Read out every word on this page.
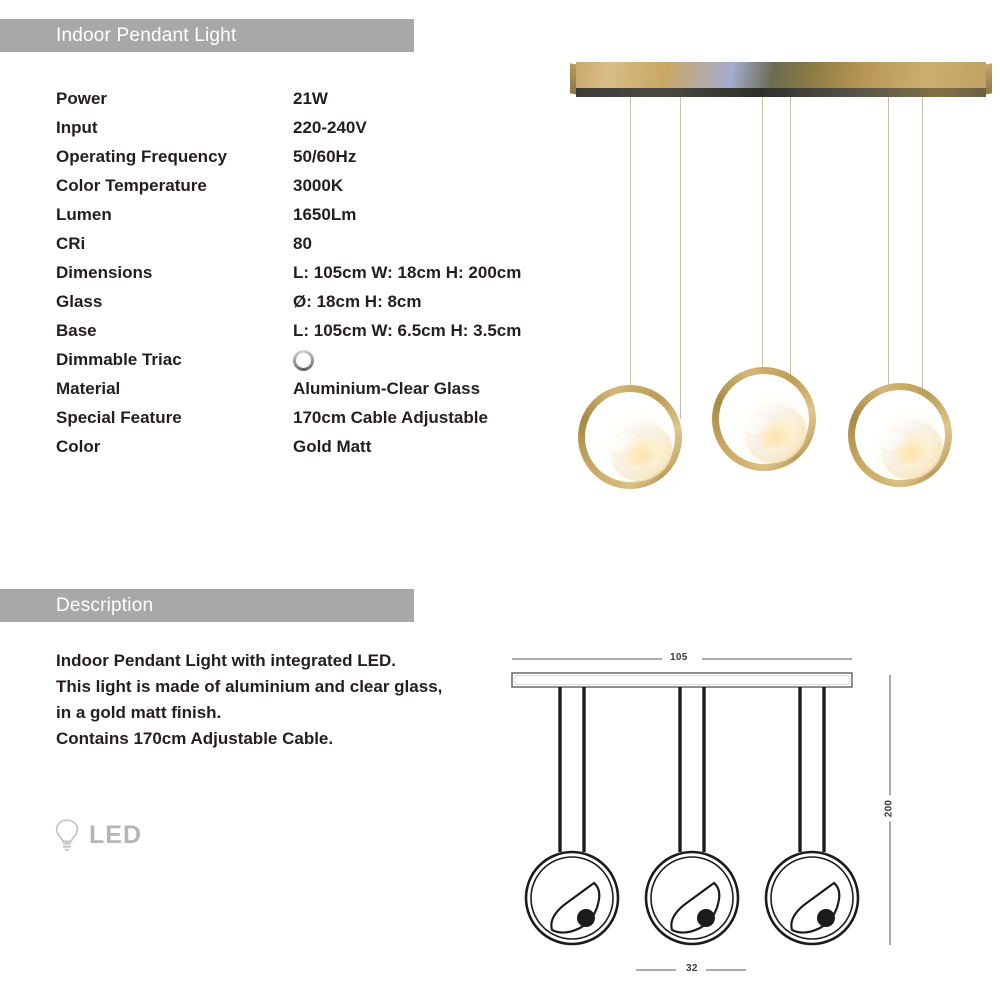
Indoor Pendant Light
Power	21W
Input	220-240V
Operating Frequency	50/60Hz
Color Temperature	3000K
Lumen	1650Lm
CRi	80
Dimensions	L: 105cm W: 18cm H: 200cm
Glass	Ø: 18cm H: 8cm
Base	L: 105cm W: 6.5cm H: 3.5cm
Dimmable Triac
Material	Aluminium-Clear Glass
Special Feature	170cm Cable Adjustable
Color	Gold Matt
Description
Indoor Pendant Light with integrated LED.
This light is made of aluminium and clear glass,
in a gold matt finish.
Contains 170cm Adjustable Cable.
LED
105
200
32
